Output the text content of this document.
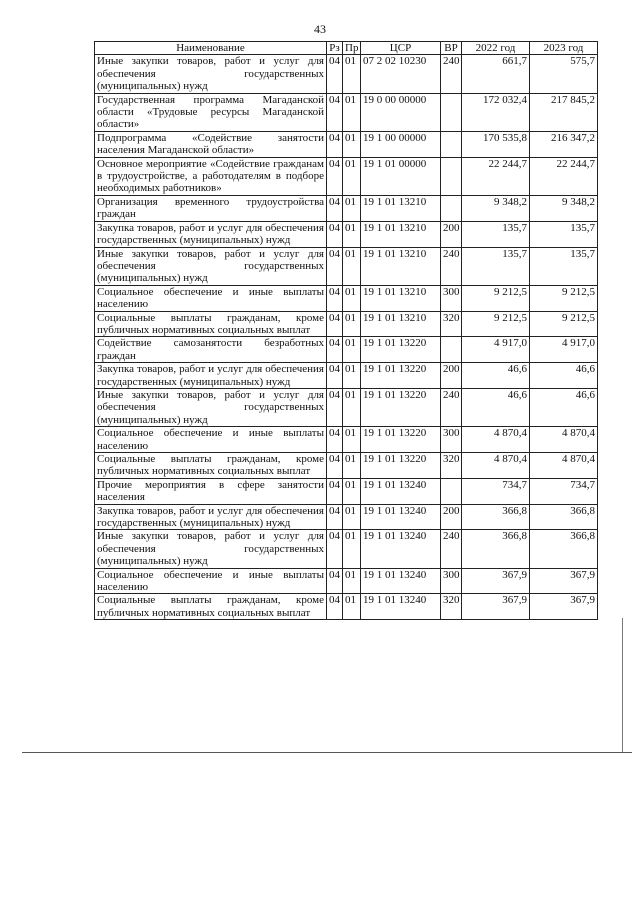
43
Наименование	Рз	Пр	ЦСР	ВР	2022 год	2023 год
Иные закупки товаров, работ и услуг для обеспечения государственных (муниципальных) нужд	04	01	07 2 02 10230	240	661,7	575,7
Государственная программа Магаданской области «Трудовые ресурсы Магаданской области»	04	01	19 0 00 00000		172 032,4	217 845,2
Подпрограмма «Содействие занятости населения Магаданской области»	04	01	19 1 00 00000		170 535,8	216 347,2
Основное мероприятие «Содействие гражданам в трудоустройстве, а работодателям в подборе необходимых работников»	04	01	19 1 01 00000		22 244,7	22 244,7
Организация временного трудоустройства граждан	04	01	19 1 01 13210		9 348,2	9 348,2
Закупка товаров, работ и услуг для обеспечения государственных (муниципальных) нужд	04	01	19 1 01 13210	200	135,7	135,7
Иные закупки товаров, работ и услуг для обеспечения государственных (муниципальных) нужд	04	01	19 1 01 13210	240	135,7	135,7
Социальное обеспечение и иные выплаты населению	04	01	19 1 01 13210	300	9 212,5	9 212,5
Социальные выплаты гражданам, кроме публичных нормативных социальных выплат	04	01	19 1 01 13210	320	9 212,5	9 212,5
Содействие самозанятости безработных граждан	04	01	19 1 01 13220		4 917,0	4 917,0
Закупка товаров, работ и услуг для обеспечения государственных (муниципальных) нужд	04	01	19 1 01 13220	200	46,6	46,6
Иные закупки товаров, работ и услуг для обеспечения государственных (муниципальных) нужд	04	01	19 1 01 13220	240	46,6	46,6
Социальное обеспечение и иные выплаты населению	04	01	19 1 01 13220	300	4 870,4	4 870,4
Социальные выплаты гражданам, кроме публичных нормативных социальных выплат	04	01	19 1 01 13220	320	4 870,4	4 870,4
Прочие мероприятия в сфере занятости населения	04	01	19 1 01 13240		734,7	734,7
Закупка товаров, работ и услуг для обеспечения государственных (муниципальных) нужд	04	01	19 1 01 13240	200	366,8	366,8
Иные закупки товаров, работ и услуг для обеспечения государственных (муниципальных) нужд	04	01	19 1 01 13240	240	366,8	366,8
Социальное обеспечение и иные выплаты населению	04	01	19 1 01 13240	300	367,9	367,9
Социальные выплаты гражданам, кроме публичных нормативных социальных выплат	04	01	19 1 01 13240	320	367,9	367,9
